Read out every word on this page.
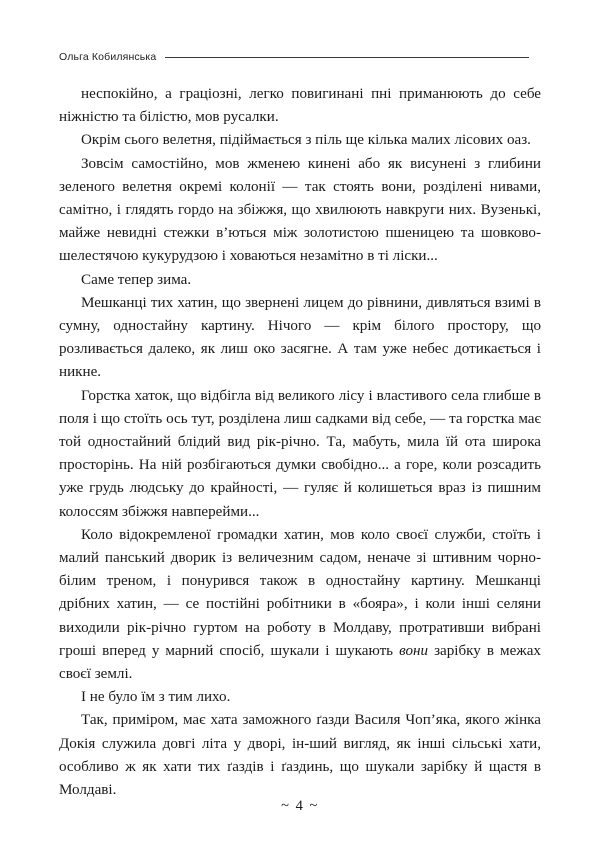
Ольга Кобилянська

неспокійно, а граціозні, легко повигинані пні приманюють до себе ніжністю та білістю, мов русалки.

Окрім сього велетня, підіймається з піль ще кілька малих лісових оаз.

Зовсім самостійно, мов жменею кинені або як висунені з глибини зеленого велетня окремі колонії — так стоять вони, розділені нивами, самітно, і глядять гордо на збіжжя, що хвилюють навкруги них. Вузенькі, майже невидні стежки в’ються між золотистою пшеницею та шовково-шелестячою кукурудзою і ховаються незамітно в ті ліски...

Саме тепер зима.

Мешканці тих хатин, що звернені лицем до рівнини, дивляться взимі в сумну, одностайну картину. Нічого — крім білого простору, що розливається далеко, як лиш око засягне. А там уже небес дотикається і никне.

Горстка хаток, що відбігла від великого лісу і властивого села глибше в поля і що стоїть ось тут, розділена лиш садками від себе, — та горстка має той одностайний блідий вид рік-річно. Та, мабуть, мила їй ота широка просторінь. На ній розбігаються думки свобідно... а горе, коли розсадить уже грудь людську до крайності, — гуляє й колишеться враз із пишним колоссям збіжжя навперейми...

Коло відокремленої громадки хатин, мов коло своєї служби, стоїть і малий панський дворик із величезним садом, неначе зі штивним чорно-білим треном, і понурився також в одностайну картину. Мешканці дрібних хатин, — се постійні робітники в «бояра», і коли інші селяни виходили рік-річно гуртом на роботу в Молдаву, протративши вибрані гроші вперед у марний спосіб, шукали і шукають вони зарібку в межах своєї землі.

І не було їм з тим лихо.

Так, приміром, має хата заможного ґазди Василя Чоп’яка, якого жінка Докія служила довгі літа у дворі, ін-ший вигляд, як інші сільські хати, особливо ж як хати тих ґаздів і ґаздинь, що шукали зарібку й щастя в Молдаві.

~ 4 ~
